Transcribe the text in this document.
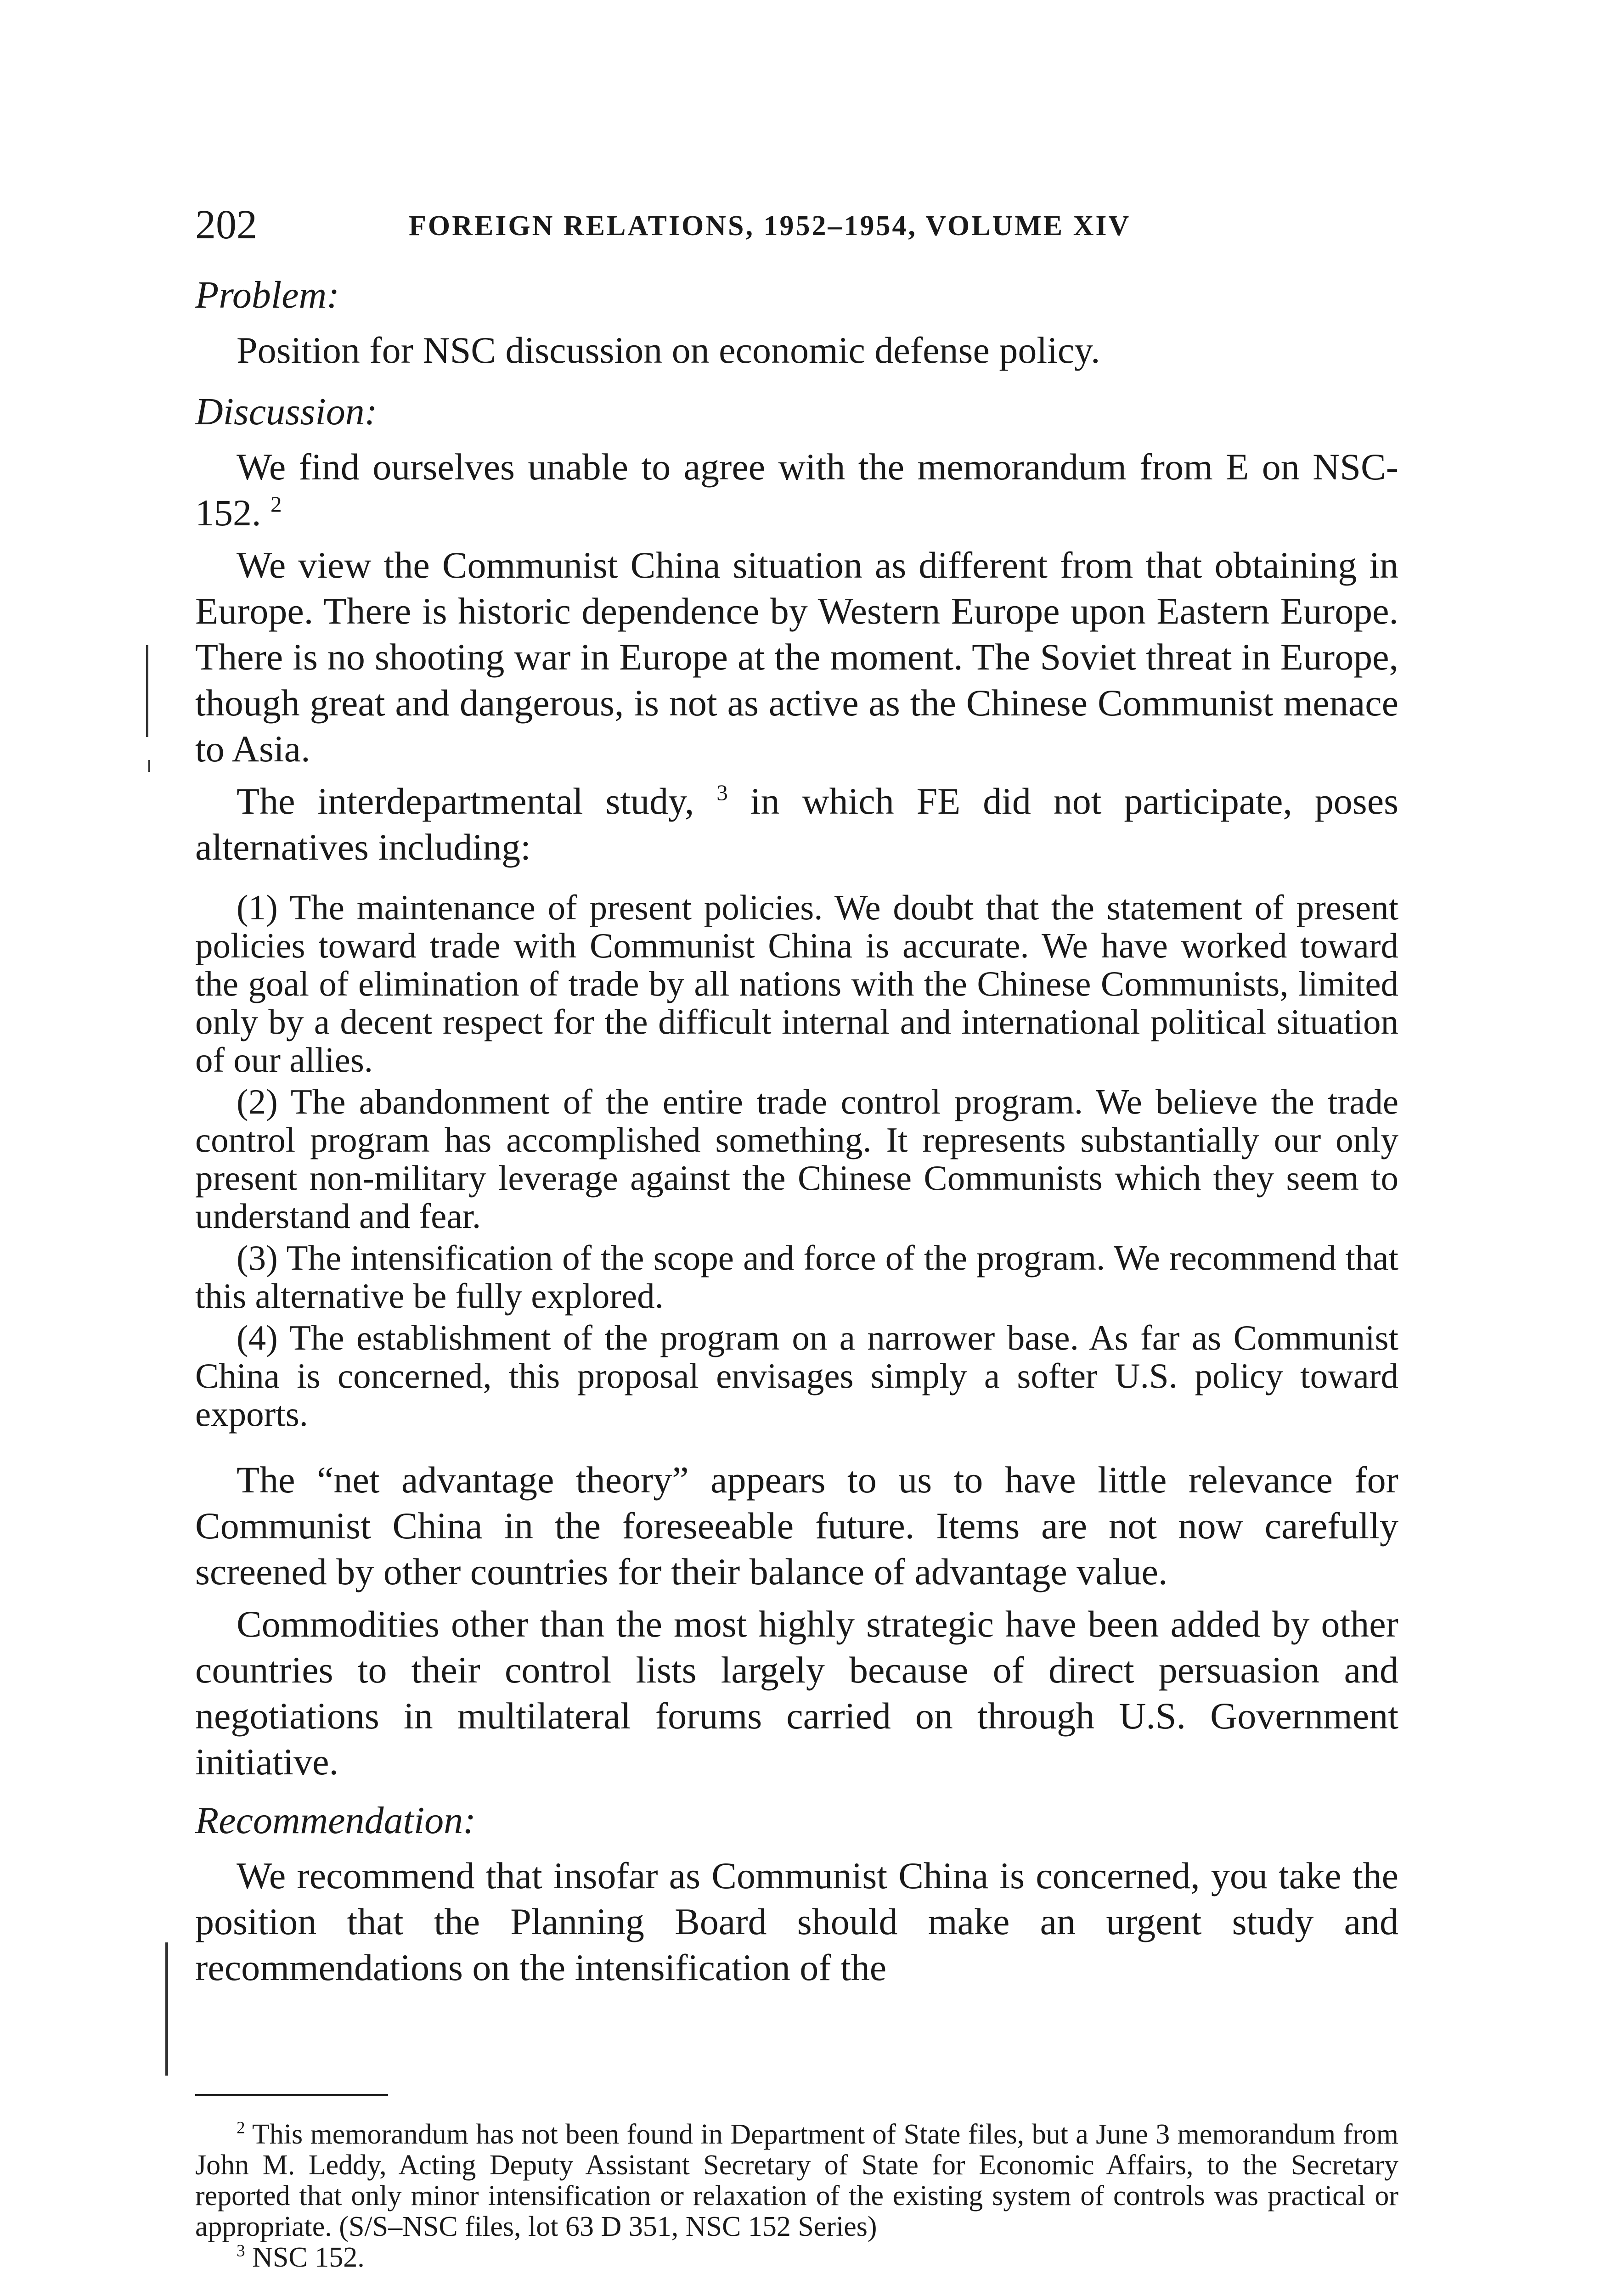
202	FOREIGN RELATIONS, 1952–1954, VOLUME XIV
Problem:

Position for NSC discussion on economic defense policy.

Discussion:

We find ourselves unable to agree with the memorandum from E on NSC-152. $^2$

We view the Communist China situation as different from that obtaining in Europe. There is historic dependence by Western Europe upon Eastern Europe. There is no shooting war in Europe at the moment. The Soviet threat in Europe, though great and dangerous, is not as active as the Chinese Communist menace to Asia.

The interdepartmental study, $^3$ in which FE did not participate, poses alternatives including:

(1) The maintenance of present policies. We doubt that the statement of present policies toward trade with Communist China is accurate. We have worked toward the goal of elimination of trade by all nations with the Chinese Communists, limited only by a decent respect for the difficult internal and international political situation of our allies.

(2) The abandonment of the entire trade control program. We believe the trade control program has accomplished something. It represents substantially our only present non-military leverage against the Chinese Communists which they seem to understand and fear.

(3) The intensification of the scope and force of the program. We recommend that this alternative be fully explored.

(4) The establishment of the program on a narrower base. As far as Communist China is concerned, this proposal envisages simply a softer U.S. policy toward exports.

The “net advantage theory” appears to us to have little relevance for Communist China in the foreseeable future. Items are not now carefully screened by other countries for their balance of advantage value.

Commodities other than the most highly strategic have been added by other countries to their control lists largely because of direct persuasion and negotiations in multilateral forums carried on through U.S. Government initiative.

Recommendation:

We recommend that insofar as Communist China is concerned, you take the position that the Planning Board should make an urgent study and recommendations on the intensification of the

$^2$ This memorandum has not been found in Department of State files, but a June 3 memorandum from John M. Leddy, Acting Deputy Assistant Secretary of State for Economic Affairs, to the Secretary reported that only minor intensification or relaxation of the existing system of controls was practical or appropriate. (S/S–NSC files, lot 63 D 351, NSC 152 Series)

$^3$ NSC 152.
